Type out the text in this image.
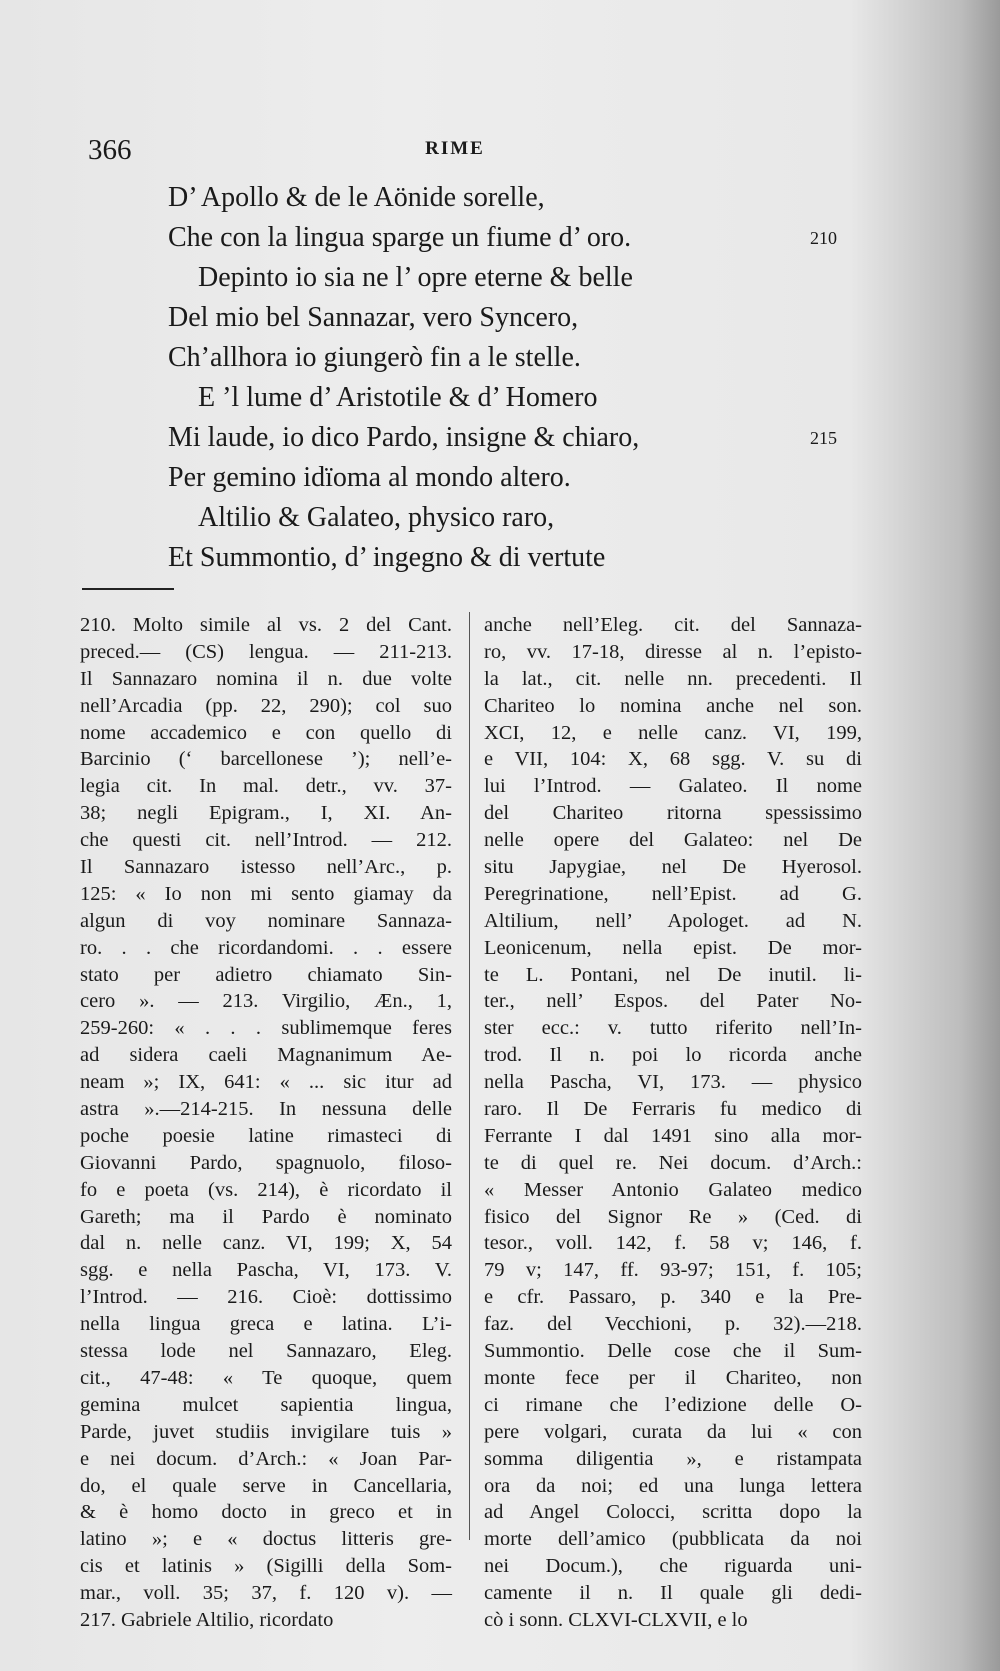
366	RIME
D’ Apollo & de le Aönide sorelle,
Che con la lingua sparge un fiume d’ oro.	210
Depinto io sia ne l’ opre eterne & belle
Del mio bel Sannazar, vero Syncero,
Ch’allhora io giungerò fin a le stelle.
E ’l lume d’ Aristotile & d’ Homero
Mi laude, io dico Pardo, insigne & chiaro,	215
Per gemino idïoma al mondo altero.
Altilio & Galateo, physico raro,
Et Summontio, d’ ingegno & di vertute
210. Molto simile al vs. 2 del Cant.
preced.— (CS) lengua. — 211-213.
Il Sannazaro nomina il n. due volte
nell’Arcadia (pp. 22, 290); col suo
nome accademico e con quello di
Barcinio (‘ barcellonese ’); nell’e-
legia cit. In mal. detr., vv. 37-
38; negli Epigram., I, XI. An-
che questi cit. nell’Introd. — 212.
Il Sannazaro istesso nell’Arc., p.
125: « Io non mi sento giamay da
algun di voy nominare Sannaza-
ro. . . che ricordandomi. . . essere
stato per adietro chiamato Sin-
cero ». — 213. Virgilio, Æn., 1,
259-260: « . . . sublimemque feres
ad sidera caeli Magnanimum Ae-
neam »; IX, 641: « ... sic itur ad
astra ».—214-215. In nessuna delle
poche poesie latine rimasteci di
Giovanni Pardo, spagnuolo, filoso-
fo e poeta (vs. 214), è ricordato il
Gareth; ma il Pardo è nominato
dal n. nelle canz. VI, 199; X, 54
sgg. e nella Pascha, VI, 173. V.
l’Introd. — 216. Cioè: dottissimo
nella lingua greca e latina. L’i-
stessa lode nel Sannazaro, Eleg.
cit., 47-48: « Te quoque, quem
gemina mulcet sapientia lingua,
Parde, juvet studiis invigilare tuis »
e nei docum. d’Arch.: « Joan Par-
do, el quale serve in Cancellaria,
& è homo docto in greco et in
latino »; e « doctus litteris gre-
cis et latinis » (Sigilli della Som-
mar., voll. 35; 37, f. 120 v). —
217. Gabriele Altilio, ricordato
anche nell’Eleg. cit. del Sannaza-
ro, vv. 17-18, diresse al n. l’episto-
la lat., cit. nelle nn. precedenti. Il
Chariteo lo nomina anche nel son.
XCI, 12, e nelle canz. VI, 199,
e VII, 104: X, 68 sgg. V. su di
lui l’Introd. — Galateo. Il nome
del Chariteo ritorna spessissimo
nelle opere del Galateo: nel De
situ Japygiae, nel De Hyerosol.
Peregrinatione, nell’Epist. ad G.
Altilium, nell’ Apologet. ad N.
Leonicenum, nella epist. De mor-
te L. Pontani, nel De inutil. li-
ter., nell’ Espos. del Pater No-
ster ecc.: v. tutto riferito nell’In-
trod. Il n. poi lo ricorda anche
nella Pascha, VI, 173. — physico
raro. Il De Ferraris fu medico di
Ferrante I dal 1491 sino alla mor-
te di quel re. Nei docum. d’Arch.:
« Messer Antonio Galateo medico
fisico del Signor Re » (Ced. di
tesor., voll. 142, f. 58 v; 146, f.
79 v; 147, ff. 93-97; 151, f. 105;
e cfr. Passaro, p. 340 e la Pre-
faz. del Vecchioni, p. 32).—218.
Summontio. Delle cose che il Sum-
monte fece per il Chariteo, non
ci rimane che l’edizione delle O-
pere volgari, curata da lui « con
somma diligentia », e ristampata
ora da noi; ed una lunga lettera
ad Angel Colocci, scritta dopo la
morte dell’amico (pubblicata da noi
nei Docum.), che riguarda uni-
camente il n. Il quale gli dedi-
cò i sonn. CLXVI-CLXVII, e lo
